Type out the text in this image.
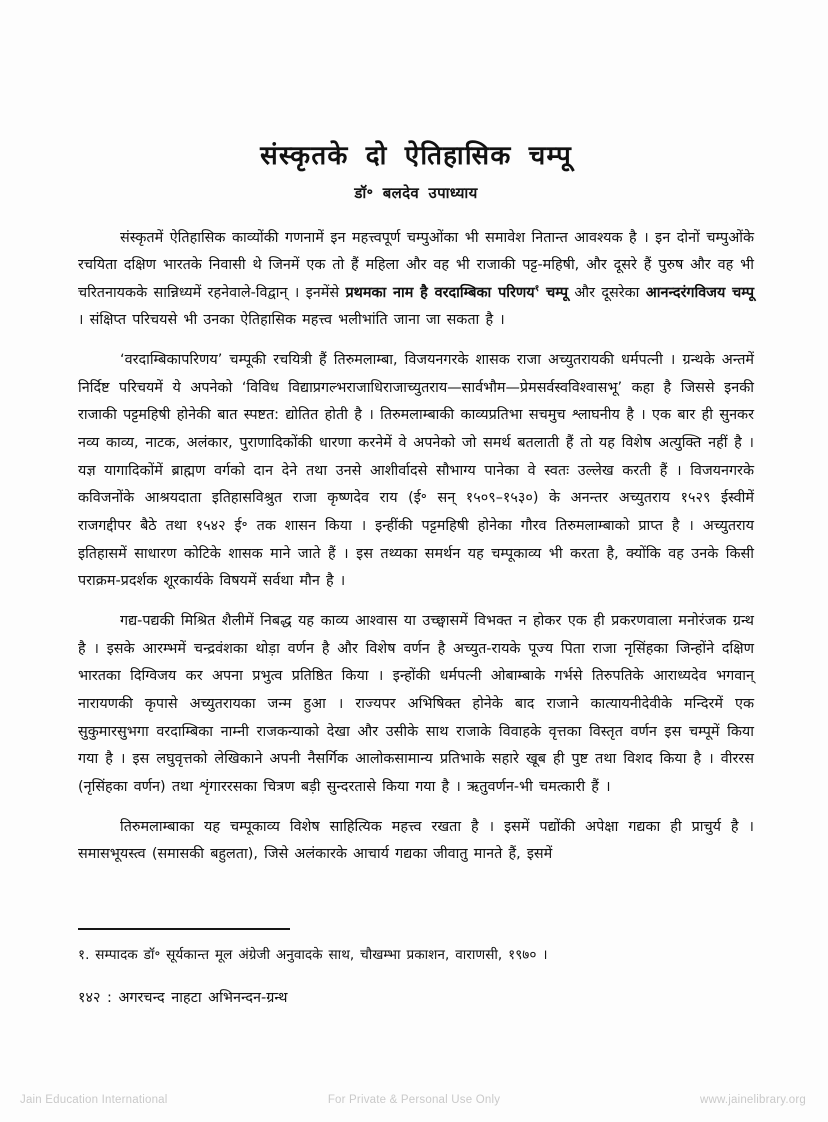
संस्कृतके दो ऐतिहासिक चम्पू
डॉ॰ बलदेव उपाध्याय

संस्कृतमें ऐतिहासिक काव्योंकी गणनामें इन महत्त्वपूर्ण चम्पुओंका भी समावेश नितान्त आवश्यक है । इन दोनों चम्पुओंके रचयिता दक्षिण भारतके निवासी थे जिनमें एक तो हैं महिला और वह भी राजाकी पट्ट-महिषी, और दूसरे हैं पुरुष और वह भी चरितनायकके सान्निध्यमें रहनेवाले-विद्वान् । इनमेंसे प्रथमका नाम है वरदाम्बिका परिणय$^१$ चम्पू और दूसरेका आनन्दरंगविजय चम्पू । संक्षिप्त परिचयसे भी उनका ऐतिहासिक महत्त्व भलीभांति जाना जा सकता है ।

‘वरदाम्बिकापरिणय’ चम्पूकी रचयित्री हैं तिरुमलाम्बा, विजयनगरके शासक राजा अच्युतरायकी धर्मपत्नी । ग्रन्थके अन्तमें निर्दिष्ट परिचयमें ये अपनेको ‘विविध विद्याप्रगल्भराजाधिराजाच्युतराय—सार्वभौम—प्रेमसर्वस्वविश्वासभू’ कहा है जिससे इनकी राजाकी पट्टमहिषी होनेकी बात स्पष्टत: द्योतित होती है । तिरुमलाम्बाकी काव्यप्रतिभा सचमुच श्लाघनीय है । एक बार ही सुनकर नव्य काव्य, नाटक, अलंकार, पुराणादिकोंकी धारणा करनेमें वे अपनेको जो समर्थ बतलाती हैं तो यह विशेष अत्युक्ति नहीं है । यज्ञ यागादिकोंमें ब्राह्मण वर्गको दान देने तथा उनसे आशीर्वादसे सौभाग्य पानेका वे स्वतः उल्लेख करती हैं । विजयनगरके कविजनोंके आश्रयदाता इतिहासविश्रुत राजा कृष्णदेव राय (ई॰ सन् १५०९–१५३०) के अनन्तर अच्युतराय १५२९ ईस्वीमें राजगद्दीपर बैठे तथा १५४२ ई॰ तक शासन किया । इन्हींकी पट्टमहिषी होनेका गौरव तिरुमलाम्बाको प्राप्त है । अच्युतराय इतिहासमें साधारण कोटिके शासक माने जाते हैं । इस तथ्यका समर्थन यह चम्पूकाव्य भी करता है, क्योंकि वह उनके किसी पराक्रम-प्रदर्शक शूरकार्यके विषयमें सर्वथा मौन है ।

गद्य-पद्यकी मिश्रित शैलीमें निबद्ध यह काव्य आश्वास या उच्छ्वासमें विभक्त न होकर एक ही प्रकरणवाला मनोरंजक ग्रन्थ है । इसके आरम्भमें चन्द्रवंशका थोड़ा वर्णन है और विशेष वर्णन है अच्युत-रायके पूज्य पिता राजा नृसिंहका जिन्होंने दक्षिण भारतका दिग्विजय कर अपना प्रभुत्व प्रतिष्ठित किया । इन्होंकी धर्मपत्नी ओबाम्बाके गर्भसे तिरुपतिके आराध्यदेव भगवान् नारायणकी कृपासे अच्युतरायका जन्म हुआ । राज्यपर अभिषिक्त होनेके बाद राजाने कात्यायनीदेवीके मन्दिरमें एक सुकुमारसुभगा वरदाम्बिका नाम्नी राजकन्याको देखा और उसीके साथ राजाके विवाहके वृत्तका विस्तृत वर्णन इस चम्पूमें किया गया है । इस लघुवृत्तको लेखिकाने अपनी नैसर्गिक आलोकसामान्य प्रतिभाके सहारे खूब ही पुष्ट तथा विशद किया है । वीररस (नृसिंहका वर्णन) तथा शृंगाररसका चित्रण बड़ी सुन्दरतासे किया गया है । ऋतुवर्णन-भी चमत्कारी हैं ।

तिरुमलाम्बाका यह चम्पूकाव्य विशेष साहित्यिक महत्त्व रखता है । इसमें पद्योंकी अपेक्षा गद्यका ही प्राचुर्य है । समासभूयस्त्व (समासकी बहुलता), जिसे अलंकारके आचार्य गद्यका जीवातु मानते हैं, इसमें

१. सम्पादक डॉ॰ सूर्यकान्त मूल अंग्रेजी अनुवादके साथ, चौखम्भा प्रकाशन, वाराणसी, १९७० ।

१४२ : अगरचन्द नाहटा अभिनन्दन-ग्रन्थ
Jain Education International	For Private & Personal Use Only	www.jainelibrary.org
